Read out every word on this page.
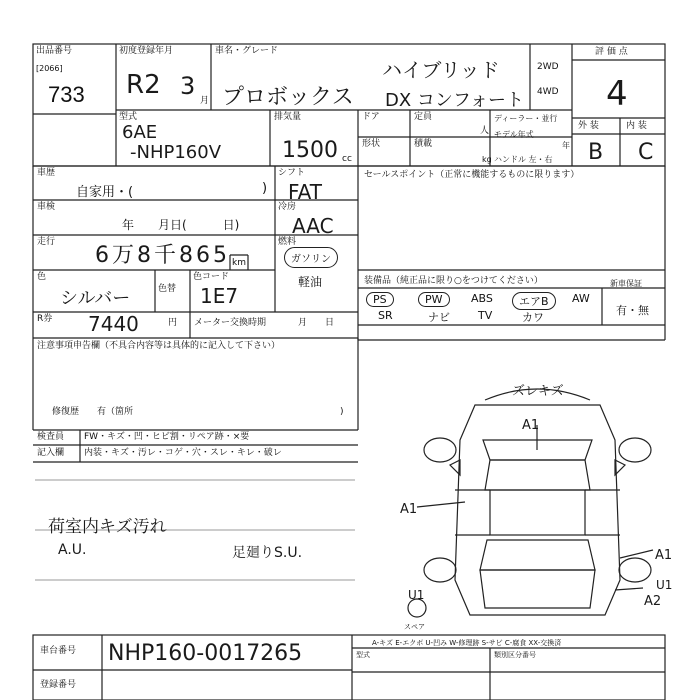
出品番号
[2066]
733
初度登録年月
R2 3
月
車名・グレード
ハイブリッド
プロボックス DX コンフォート
2WD
4WD
評 価 点
4
外 装	内 装
B C
型式
6AE
-NHP160V
排気量
1500 cc
ドア	定員
人
形状	積載
kg
ディーラー・並行
モデル年式
年
ハンドル 左・右
車歴
自家用・(	)
車検
年　　月日(　　　日)
走行
6万8千865 km
色
シルバー	色替
色コード
1E7
R券 7440	円 メーター交換時期	月　　日
シフト
FAT
冷房
AAC
燃料
ガソリン
軽油
セールスポイント（正常に機能するものに限ります）
装備品（純正品に限り○をつけてください）	新車保証
有・無
PS	PW	ABS	エアB	AW
SR	ナビ	TV	カワ
注意事項申告欄（不具合内容等は具体的に記入して下さい）
修復歴　　有（箇所	)
検査員
記入欄
FW・キズ・凹・ヒビ割・リペア跡・×要
内装・キズ・汚レ・コゲ・穴・スレ・キレ・破レ
荷室内キズ汚れ
A.U.	足廻りS.U.
ズレキズ
A1
A1
A1
A2
U1
U1
スペア
車台番号 NHP160-0017265
登録番号
A-キズ E-エクボ U-凹み W-修理跡 S-サビ C-腐食 XX-交換済
型式	類別区分番号
